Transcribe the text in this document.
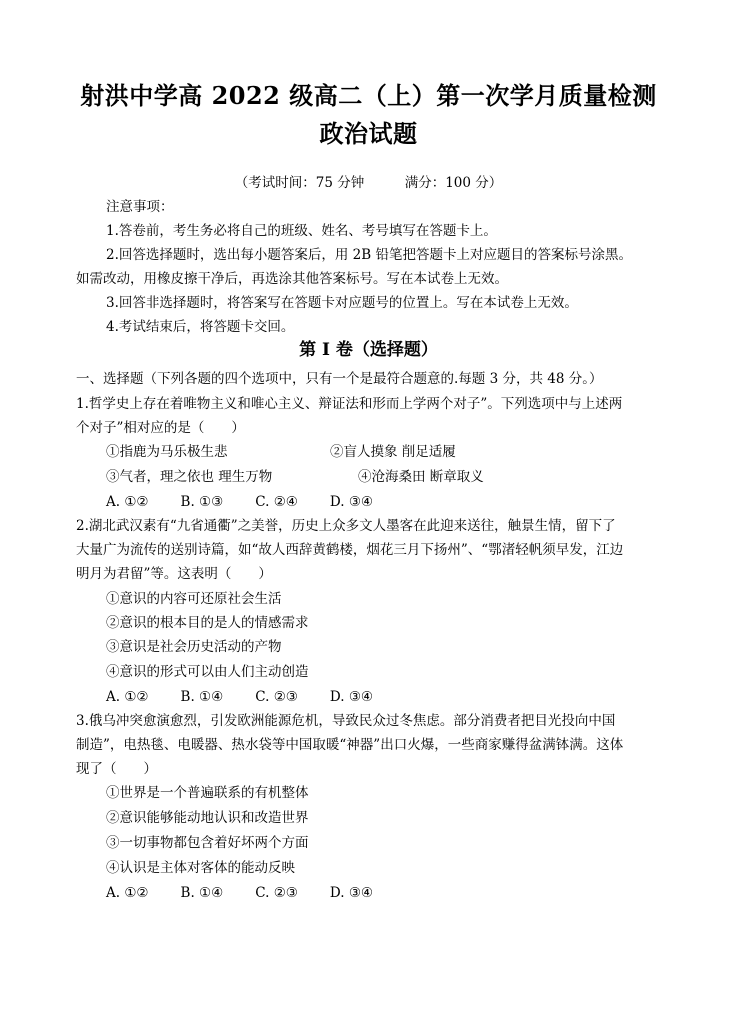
射洪中学高 2022 级高二（上）第一次学月质量检测
政治试题
（考试时间：75 分钟　　　满分：100 分）
注意事项：
1.答卷前，考生务必将自己的班级、姓名、考号填写在答题卡上。
2.回答选择题时，选出每小题答案后，用 2B 铅笔把答题卡上对应题目的答案标号涂黑。
如需改动，用橡皮擦干净后，再选涂其他答案标号。写在本试卷上无效。
3.回答非选择题时，将答案写在答题卡对应题号的位置上。写在本试卷上无效。
4.考试结束后，将答题卡交回。
第 I 卷（选择题）
一、选择题（下列各题的四个选项中，只有一个是最符合题意的.每题 3 分，共 48 分。）
1.哲学史上存在着唯物主义和唯心主义、辩证法和形而上学两个对子”。下列选项中与上述两
个对子”相对应的是（　　）
①指鹿为马乐极生悲	②盲人摸象 削足适履
③气者，理之依也 理生万物	④沧海桑田 断章取义
A. ①② B. ①③ C. ②④ D. ③④
2.湖北武汉素有“九省通衢”之美誉，历史上众多文人墨客在此迎来送往，触景生情，留下了
大量广为流传的送别诗篇，如“故人西辞黄鹤楼，烟花三月下扬州”、“鄂渚轻帆须早发，江边
明月为君留”等。这表明（　　）
①意识的内容可还原社会生活
②意识的根本目的是人的情感需求
③意识是社会历史活动的产物
④意识的形式可以由人们主动创造
A. ①② B. ①④ C. ②③ D. ③④
3.俄乌冲突愈演愈烈，引发欧洲能源危机，导致民众过冬焦虑。部分消费者把目光投向中国
制造”，电热毯、电暖器、热水袋等中国取暖“神器”出口火爆，一些商家赚得盆满钵满。这体
现了（　　）
①世界是一个普遍联系的有机整体
②意识能够能动地认识和改造世界
③一切事物都包含着好坏两个方面
④认识是主体对客体的能动反映
A. ①② B. ①④ C. ②③ D. ③④
